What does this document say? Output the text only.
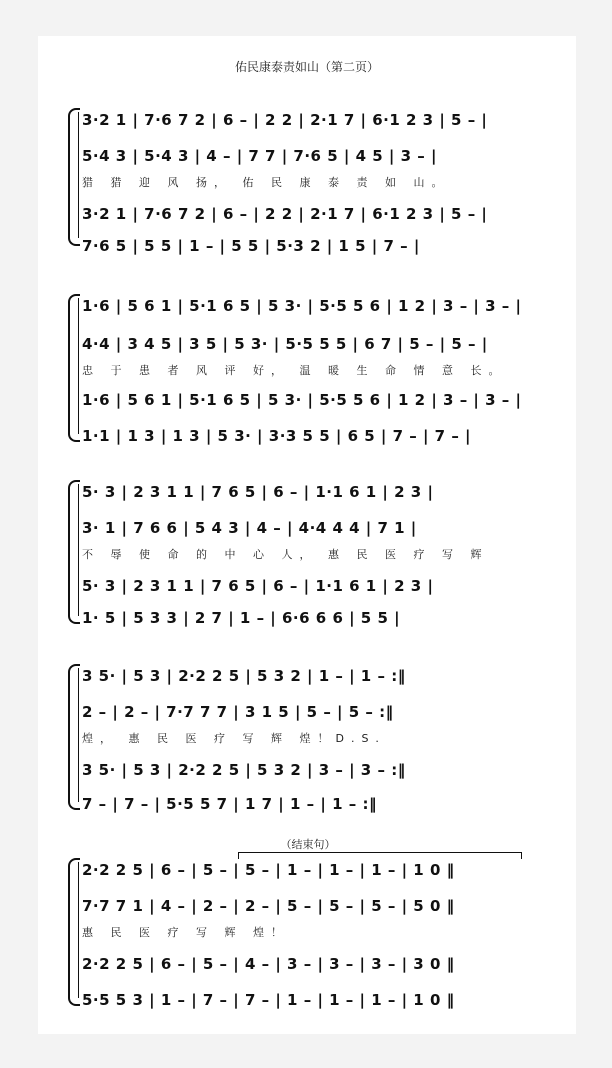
佑民康泰责如山（第二页）
3·2 1 | 7·6 7 2 | 6 – | 2 2 | 2·1 7 | 6·1 2 3 | 5 – |
5·4 3 | 5·4 3 | 4 – | 7 7 | 7·6 5 | 4 5 | 3 – |
猎 猎 迎 风 扬， 佑 民 康 泰 责 如 山。
3·2 1 | 7·6 7 2 | 6 – | 2 2 | 2·1 7 | 6·1 2 3 | 5 – |
7·6 5 | 5 5 | 1 – | 5 5 | 5·3 2 | 1 5 | 7 – |
1·6 | 5 6 1 | 5·1 6 5 | 5 3· | 5·5 5 6 | 1 2 | 3 – | 3 – |
4·4 | 3 4 5 | 3 5 | 5 3· | 5·5 5 5 | 6 7 | 5 – | 5 – |
忠 于 患 者 风 评 好， 温 暖 生 命 情 意 长。
1·6 | 5 6 1 | 5·1 6 5 | 5 3· | 5·5 5 6 | 1 2 | 3 – | 3 – |
1·1 | 1 3 | 1 3 | 5 3· | 3·3 5 5 | 6 5 | 7 – | 7 – |
5· 3 | 2 3 1 1 | 7 6 5 | 6 – | 1·1 6 1 | 2 3 |
3· 1 | 7 6 6 | 5 4 3 | 4 – | 4·4 4 4 | 7 1 |
不 辱 使 命 的 中 心 人， 惠 民 医 疗 写 辉
5· 3 | 2 3 1 1 | 7 6 5 | 6 – | 1·1 6 1 | 2 3 |
1· 5 | 5 3 3 | 2 7 | 1 – | 6·6 6 6 | 5 5 |
3 5· | 5 3 | 2·2 2 5 | 5 3 2 | 1 – | 1 – :‖
2 – | 2 – | 7·7 7 7 | 3 1 5 | 5 – | 5 – :‖
煌， 惠 民 医 疗 写 辉 煌！D.S.
3 5· | 5 3 | 2·2 2 5 | 5 3 2 | 3 – | 3 – :‖
7 – | 7 – | 5·5 5 7 | 1 7 | 1 – | 1 – :‖
（结束句）
2·2 2 5 | 6 – | 5 – | 5 – | 1 – | 1 – | 1 – | 1 0 ‖
7·7 7 1 | 4 – | 2 – | 2 – | 5 – | 5 – | 5 – | 5 0 ‖
惠 民 医 疗 写 辉 煌！
2·2 2 5 | 6 – | 5 – | 4 – | 3 – | 3 – | 3 – | 3 0 ‖
5·5 5 3 | 1 – | 7 – | 7 – | 1 – | 1 – | 1 – | 1 0 ‖
